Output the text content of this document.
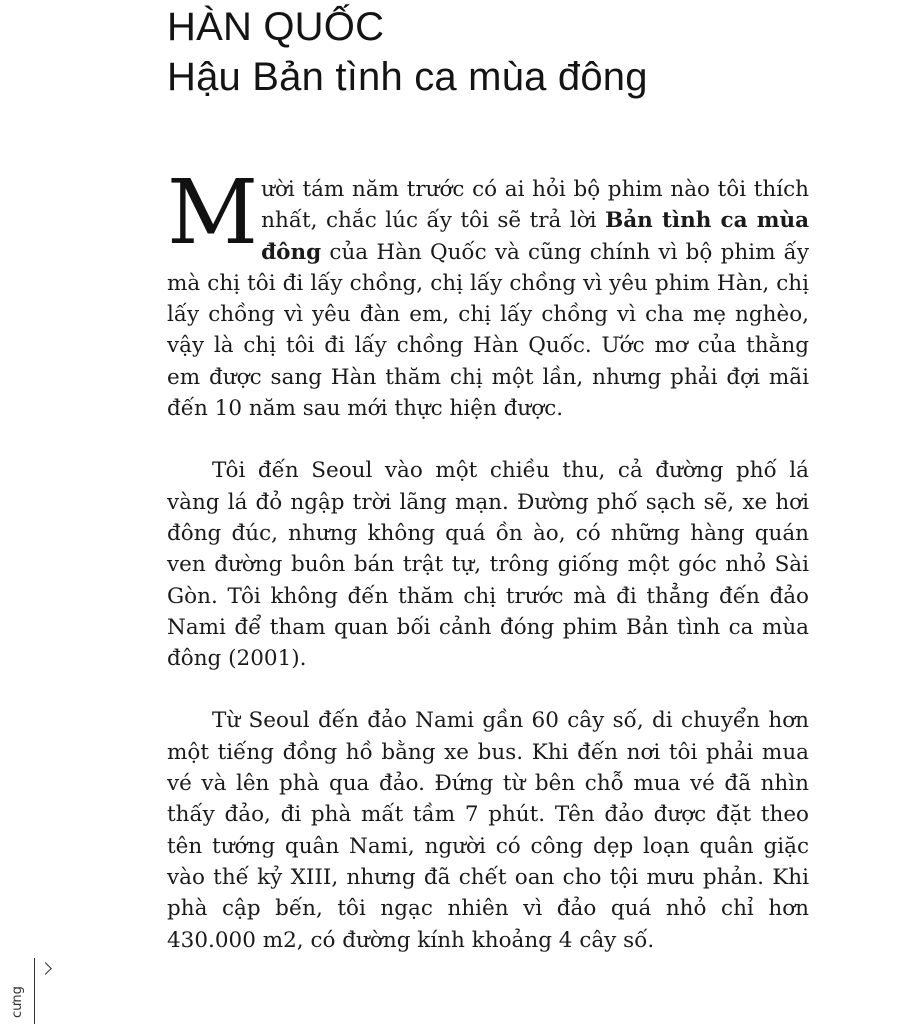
HÀN QUỐC
Hậu Bản tình ca mùa đông

Mười tám năm trước có ai hỏi bộ phim nào tôi thích nhất, chắc lúc ấy tôi sẽ trả lời Bản tình ca mùa đông của Hàn Quốc và cũng chính vì bộ phim ấy mà chị tôi đi lấy chồng, chị lấy chồng vì yêu phim Hàn, chị lấy chồng vì yêu đàn em, chị lấy chồng vì cha mẹ nghèo, vậy là chị tôi đi lấy chồng Hàn Quốc. Ước mơ của thằng em được sang Hàn thăm chị một lần, nhưng phải đợi mãi đến 10 năm sau mới thực hiện được.

Tôi đến Seoul vào một chiều thu, cả đường phố lá vàng lá đỏ ngập trời lãng mạn. Đường phố sạch sẽ, xe hơi đông đúc, nhưng không quá ồn ào, có những hàng quán ven đường buôn bán trật tự, trông giống một góc nhỏ Sài Gòn. Tôi không đến thăm chị trước mà đi thẳng đến đảo Nami để tham quan bối cảnh đóng phim Bản tình ca mùa đông (2001).

Từ Seoul đến đảo Nami gần 60 cây số, di chuyển hơn một tiếng đồng hồ bằng xe bus. Khi đến nơi tôi phải mua vé và lên phà qua đảo. Đứng từ bên chỗ mua vé đã nhìn thấy đảo, đi phà mất tầm 7 phút. Tên đảo được đặt theo tên tướng quân Nami, người có công dẹp loạn quân giặc vào thế kỷ XIII, nhưng đã chết oan cho tội mưu phản. Khi phà cập bến, tôi ngạc nhiên vì đảo quá nhỏ chỉ hơn 430.000 m2, có đường kính khoảng 4 cây số.

cưng
